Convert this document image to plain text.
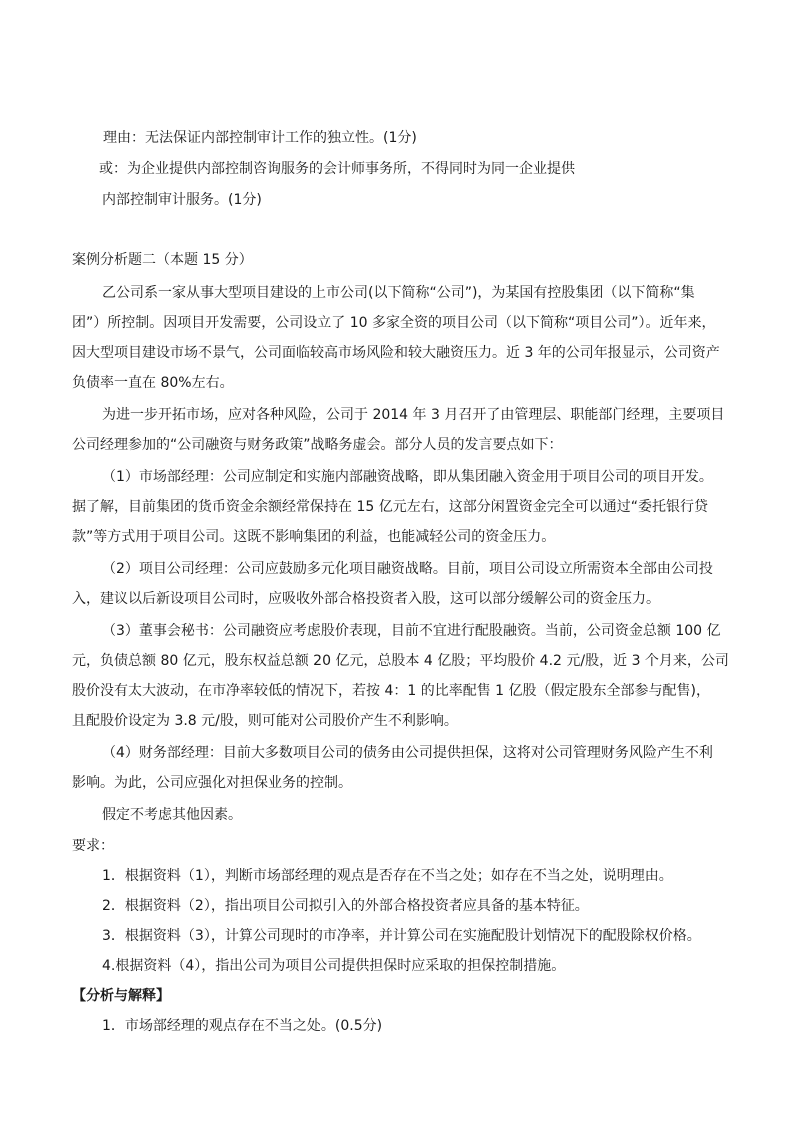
理由：无法保证内部控制审计工作的独立性。(1分)
或：为企业提供内部控制咨询服务的会计师事务所，不得同时为同一企业提供
内部控制审计服务。(1分)
案例分析题二（本题 15 分）
乙公司系一家从事大型项目建设的上市公司(以下简称“公司”)，为某国有控股集团（以下简称“集
团”）所控制。因项目开发需要，公司设立了 10 多家全资的项目公司（以下简称“项目公司”）。近年来，
因大型项目建设市场不景气，公司面临较高市场风险和较大融资压力。近 3 年的公司年报显示，公司资产
负债率一直在 80%左右。
为进一步开拓市场，应对各种风险，公司于 2014 年 3 月召开了由管理层、职能部门经理，主要项目
公司经理参加的“公司融资与财务政策”战略务虚会。部分人员的发言要点如下：
（1）市场部经理：公司应制定和实施内部融资战略，即从集团融入资金用于项目公司的项目开发。
据了解，目前集团的货币资金余额经常保持在 15 亿元左右，这部分闲置资金完全可以通过“委托银行贷
款”等方式用于项目公司。这既不影响集团的利益，也能减轻公司的资金压力。
（2）项目公司经理：公司应鼓励多元化项目融资战略。目前，项目公司设立所需资本全部由公司投
入，建议以后新设项目公司时，应吸收外部合格投资者入股，这可以部分缓解公司的资金压力。
（3）董事会秘书：公司融资应考虑股价表现，目前不宜进行配股融资。当前，公司资金总额 100 亿
元，负债总额 80 亿元，股东权益总额 20 亿元，总股本 4 亿股；平均股价 4.2 元/股，近 3 个月来，公司
股价没有太大波动，在市净率较低的情况下，若按 4：1 的比率配售 1 亿股（假定股东全部参与配售)，
且配股价设定为 3.8 元/股，则可能对公司股价产生不利影响。
（4）财务部经理：目前大多数项目公司的债务由公司提供担保，这将对公司管理财务风险产生不利
影响。为此，公司应强化对担保业务的控制。
假定不考虑其他因素。
要求：
1．根据资料（1），判断市场部经理的观点是否存在不当之处；如存在不当之处，说明理由。
2．根据资料（2），指出项目公司拟引入的外部合格投资者应具备的基本特征。
3．根据资料（3），计算公司现时的市净率，并计算公司在实施配股计划情况下的配股除权价格。
4.根据资料（4），指出公司为项目公司提供担保时应采取的担保控制措施。
【分析与解释】
1．市场部经理的观点存在不当之处。(0.5分)
